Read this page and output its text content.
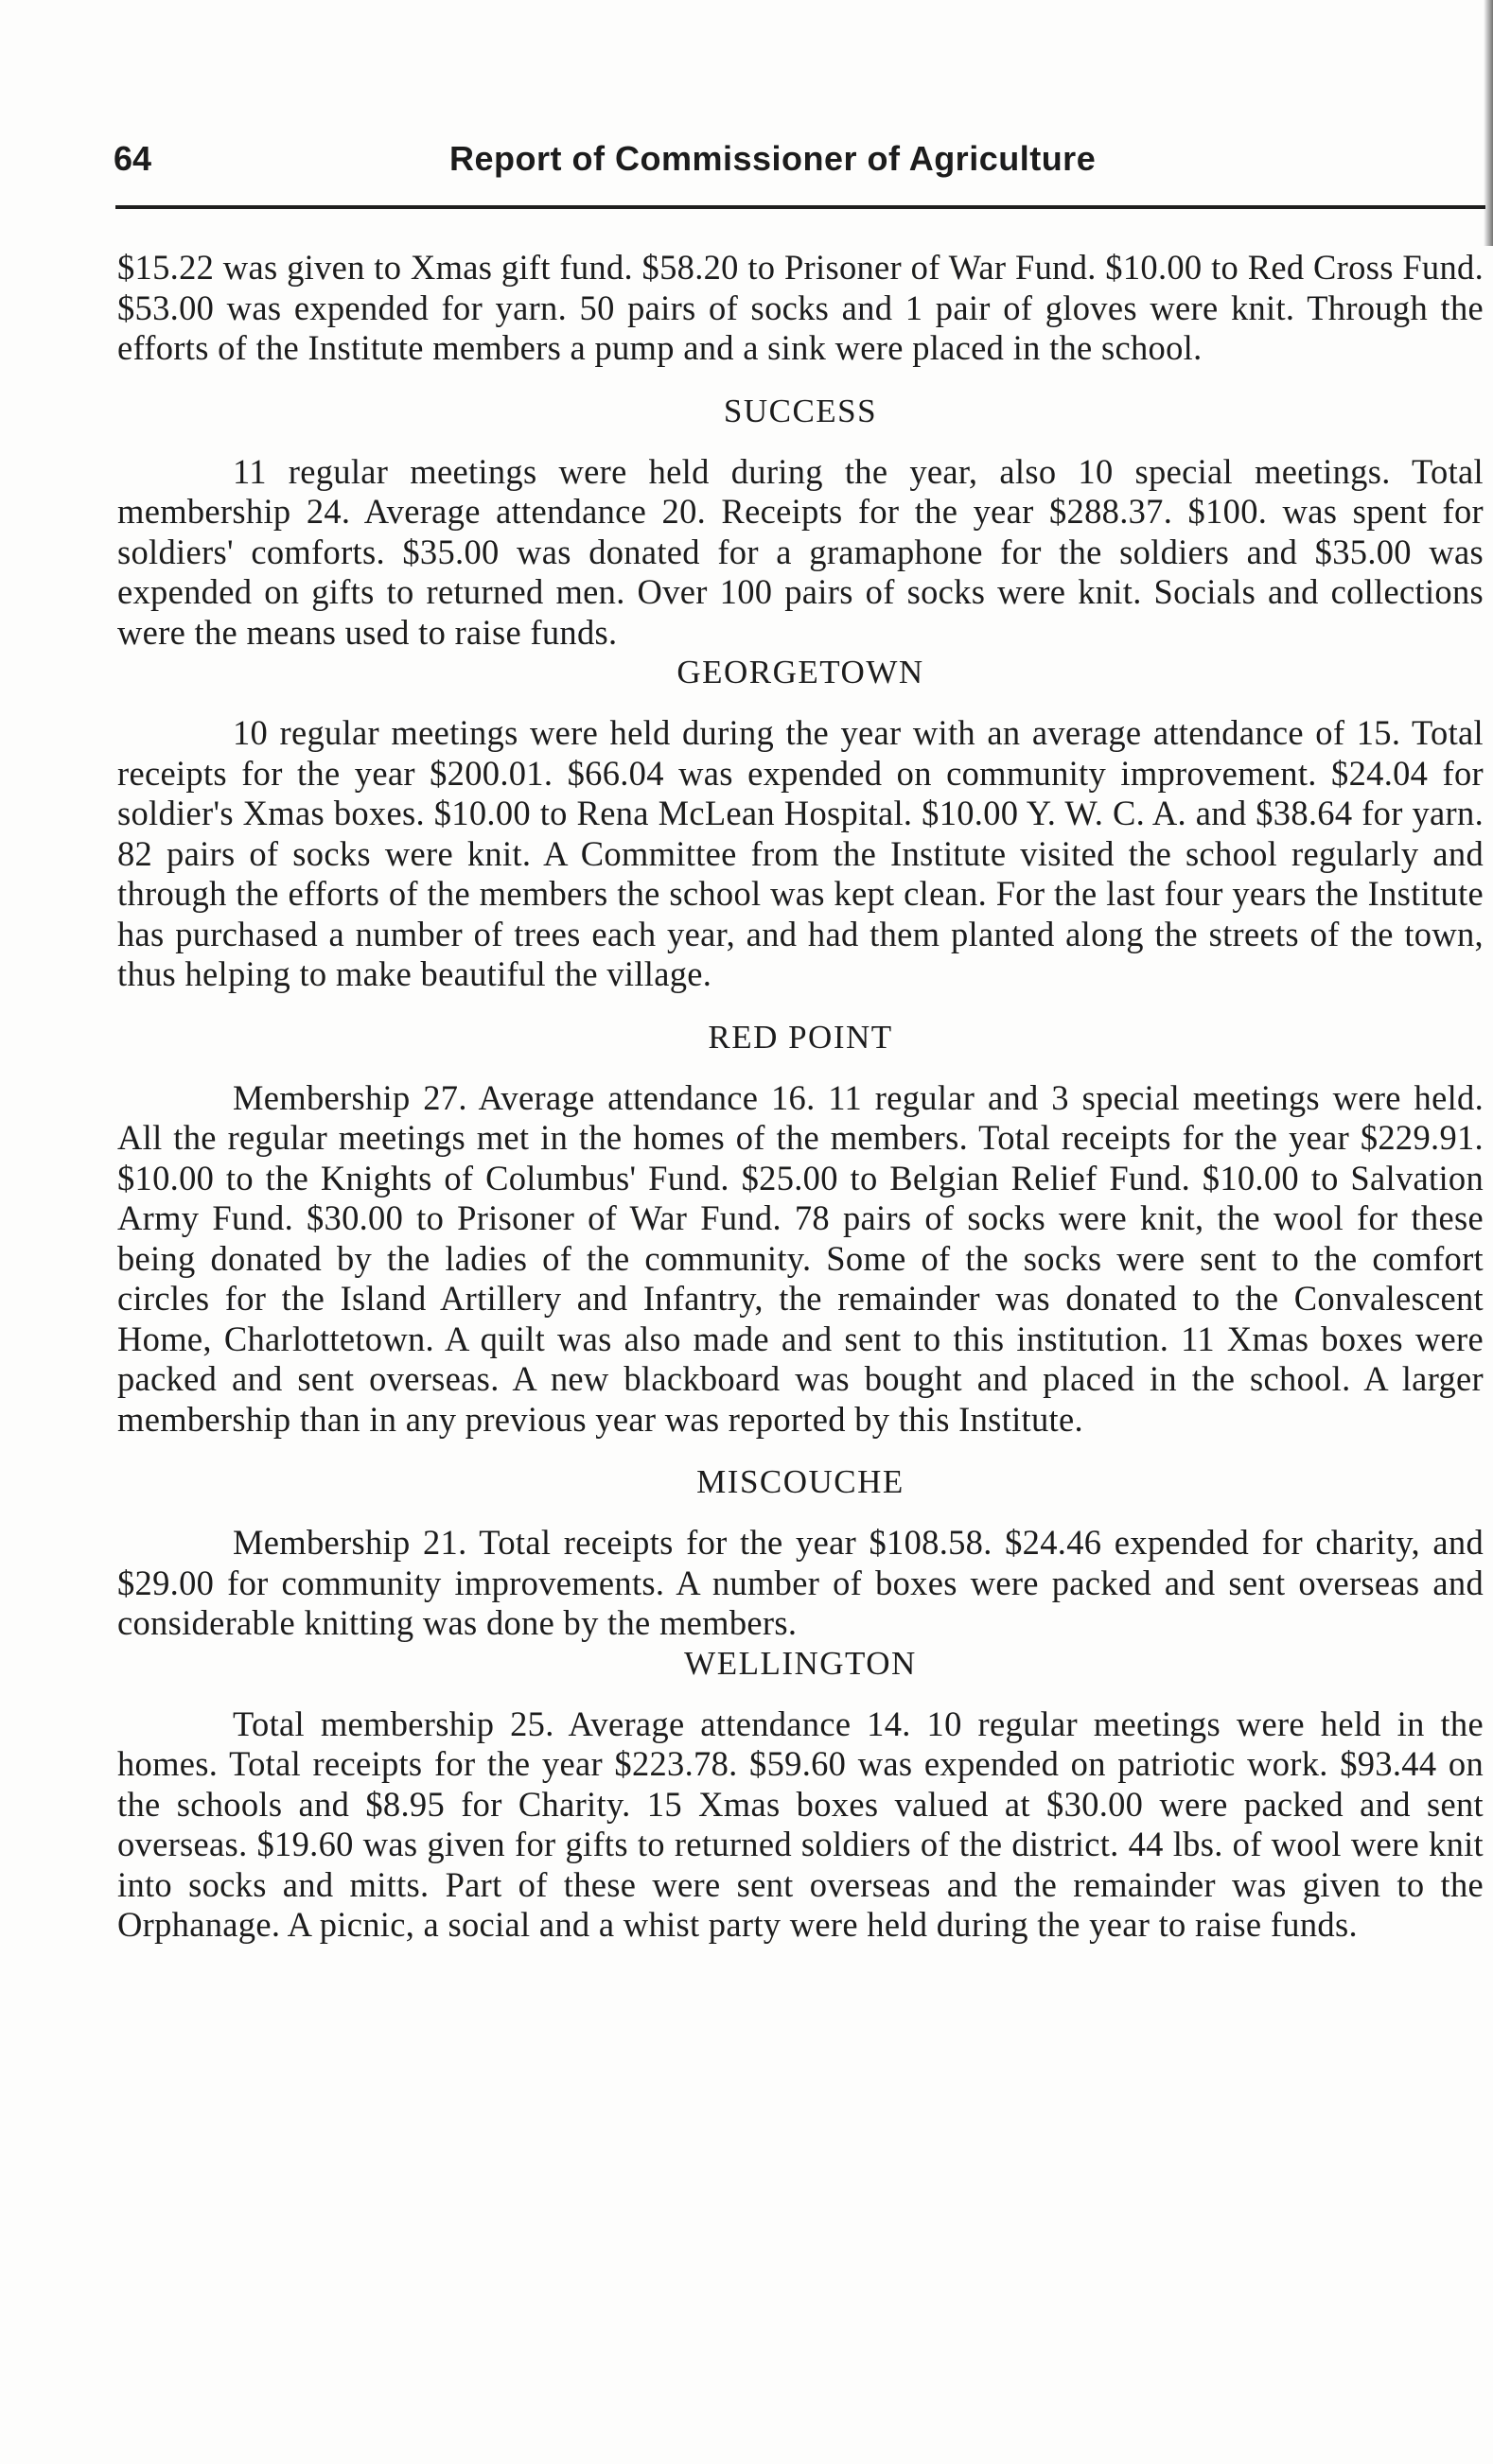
64	Report of Commissioner of Agriculture

$15.22 was given to Xmas gift fund. $58.20 to Prisoner of War Fund. $10.00 to Red Cross Fund. $53.00 was expended for yarn. 50 pairs of socks and 1 pair of gloves were knit. Through the efforts of the Institute members a pump and a sink were placed in the school.

SUCCESS

11 regular meetings were held during the year, also 10 special meetings. Total membership 24. Average attendance 20. Receipts for the year $288.37. $100. was spent for soldiers' comforts. $35.00 was donated for a gramaphone for the soldiers and $35.00 was expended on gifts to returned men. Over 100 pairs of socks were knit. Socials and collections were the means used to raise funds.

GEORGETOWN

10 regular meetings were held during the year with an average attendance of 15. Total receipts for the year $200.01. $66.04 was expended on community improvement. $24.04 for soldier's Xmas boxes. $10.00 to Rena McLean Hospital. $10.00 Y. W. C. A. and $38.64 for yarn. 82 pairs of socks were knit. A Committee from the Institute visited the school regularly and through the efforts of the members the school was kept clean. For the last four years the Institute has purchased a number of trees each year, and had them planted along the streets of the town, thus helping to make beautiful the village.

RED POINT

Membership 27. Average attendance 16. 11 regular and 3 special meetings were held. All the regular meetings met in the homes of the members. Total receipts for the year $229.91. $10.00 to the Knights of Columbus' Fund. $25.00 to Belgian Relief Fund. $10.00 to Salvation Army Fund. $30.00 to Prisoner of War Fund. 78 pairs of socks were knit, the wool for these being donated by the ladies of the community. Some of the socks were sent to the comfort circles for the Island Artillery and Infantry, the remainder was donated to the Convalescent Home, Charlottetown. A quilt was also made and sent to this institution. 11 Xmas boxes were packed and sent overseas. A new blackboard was bought and placed in the school. A larger membership than in any previous year was reported by this Institute.

MISCOUCHE

Membership 21. Total receipts for the year $108.58. $24.46 expended for charity, and $29.00 for community improvements. A number of boxes were packed and sent overseas and considerable knitting was done by the members.

WELLINGTON

Total membership 25. Average attendance 14. 10 regular meetings were held in the homes. Total receipts for the year $223.78. $59.60 was expended on patriotic work. $93.44 on the schools and $8.95 for Charity. 15 Xmas boxes valued at $30.00 were packed and sent overseas. $19.60 was given for gifts to returned soldiers of the district. 44 lbs. of wool were knit into socks and mitts. Part of these were sent overseas and the remainder was given to the Orphanage. A picnic, a social and a whist party were held during the year to raise funds.
